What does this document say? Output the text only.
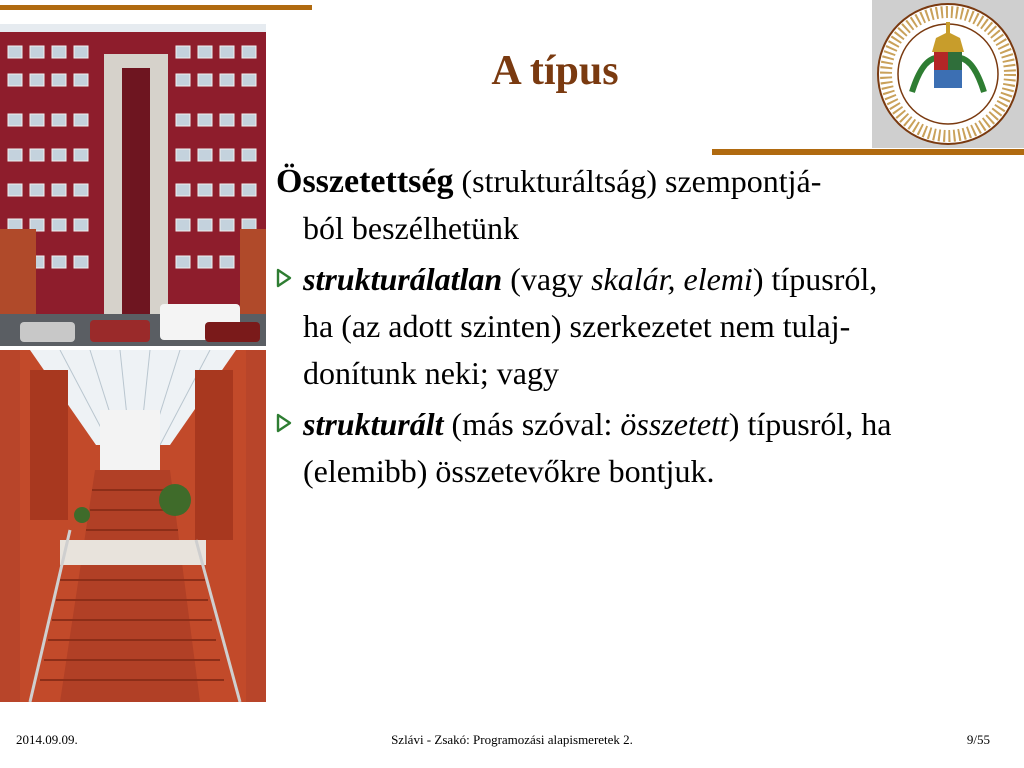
A típus

Összetettség (strukturáltság) szempontjá-
ból beszélhetünk

strukturálatlan (vagy skalár, elemi) típusról,
ha (az adott szinten) szerkezetet nem tulaj-
donítunk neki; vagy
strukturált (más szóval: összetett) típusról, ha
(elemibb) összetevőkre bontjuk.
2014.09.09.	Szlávi - Zsakó: Programozási alapismeretek 2.	9/55
